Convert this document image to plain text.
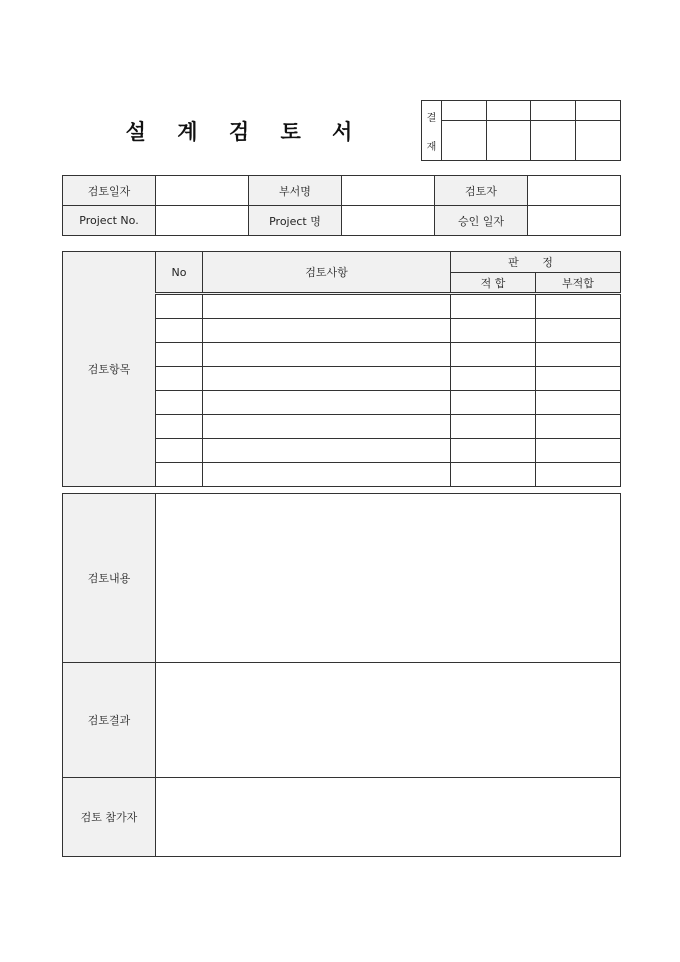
설 계 검 토 서
결
재				

검토일자		부서명		검토자	
Project No.		Project 명		승인 일자	
검토항목	No	검토사항	판 정	
			적 합	부적합

검토내용	
검토결과	
검토 참가자	
